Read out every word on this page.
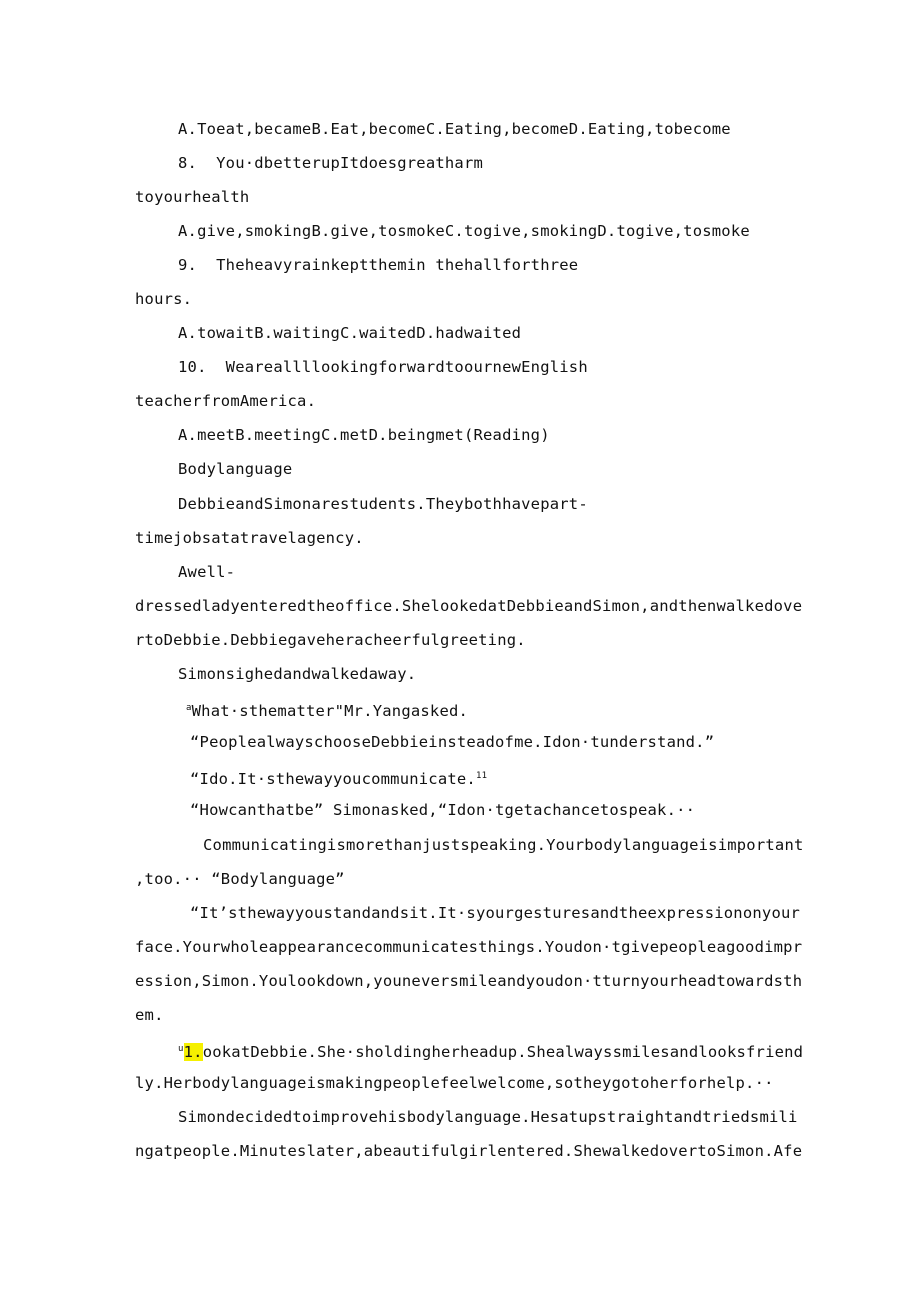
A.Toeat,becameB.Eat,becomeC.Eating,becomeD.Eating,tobecome
8.  You·dbetterupItdoesgreatharm
toyourhealth
A.give,smokingB.give,tosmokeC.togive,smokingD.togive,tosmoke
9.  Theheavyrainkeptthemin thehallforthree
hours.
A.towaitB.waitingC.waitedD.hadwaited
10.  WeareallllookingforwardtoournewEnglish
teacherfromAmerica.
A.meetB.meetingC.metD.beingmet(Reading)
Bodylanguage
DebbieandSimonarestudents.Theybothhavepart-
timejobsatatravelagency.
Awell-
dressedladyenteredtheoffice.ShelookedatDebbieandSimon,andthenwalkedove
rtoDebbie.Debbiegaveheracheerfulgreeting.
Simonsighedandwalkedaway.
$^a$What·sthematter"Mr.Yangasked.
“PeoplealwayschooseDebbieinsteadofme.Idon·tunderstand.”
“Ido.It·sthewayyoucommunicate.$^{11}$
“Howcanthatbe” Simonasked,“Idon·tgetachancetospeak.··
Communicatingismorethanjustspeaking.Yourbodylanguageisimportant
,too.·· “Bodylanguage”
“It’sthewayyoustandandsit.It·syourgesturesandtheexpressiononyour
face.Yourwholeappearancecommunicatesthings.Youdon·tgivepeopleagoodimpr
ession,Simon.Youlookdown,youneversmileandyoudon·tturnyourheadtowardsth
em.
$^u$1.ookatDebbie.She·sholdingherheadup.Shealwayssmilesandlooksfriend
ly.Herbodylanguageismakingpeoplefeelwelcome,sotheygotoherforhelp.··
Simondecidedtoimprovehisbodylanguage.Hesatupstraightandtriedsmili
ngatpeople.Minuteslater,abeautifulgirlentered.ShewalkedovertoSimon.Afe
